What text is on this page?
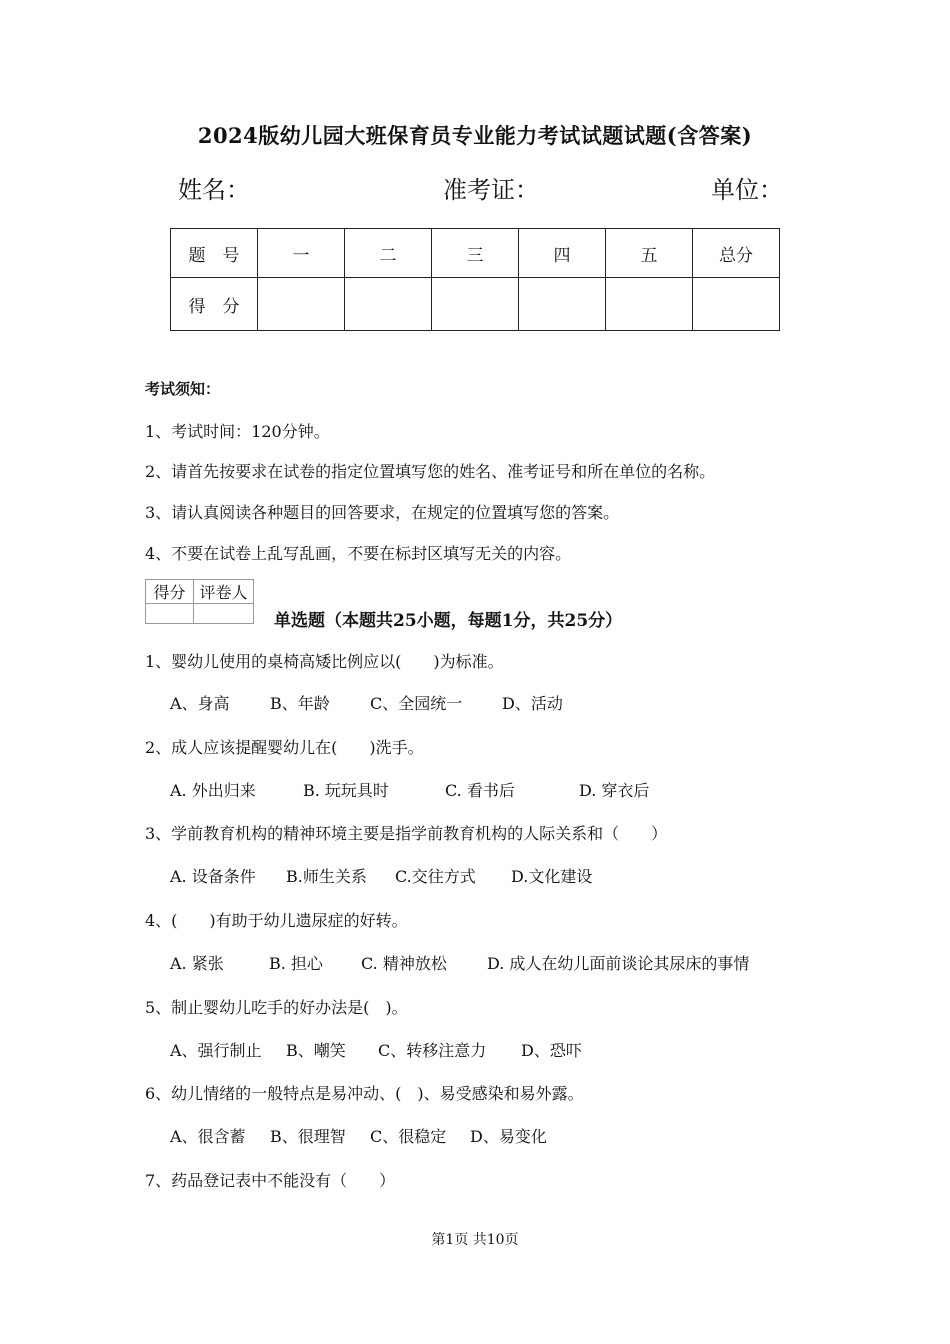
2024版幼儿园大班保育员专业能力考试试题试题(含答案)
姓名：	准考证：	单位：
题　号	一	二	三	四	五	总分
得　分						
考试须知：
1、考试时间：120分钟。
2、请首先按要求在试卷的指定位置填写您的姓名、准考证号和所在单位的名称。
3、请认真阅读各种题目的回答要求，在规定的位置填写您的答案。
4、不要在试卷上乱写乱画，不要在标封区填写无关的内容。
得分	评卷人

单选题（本题共25小题，每题1分，共25分）
1、婴幼儿使用的桌椅高矮比例应以(　　)为标准。
A、身高	B、年龄	C、全园统一 D、活动
2、成人应该提醒婴幼儿在(　　)洗手。
A. 外出归来	B. 玩玩具时	C. 看书后	D. 穿衣后
3、学前教育机构的精神环境主要是指学前教育机构的人际关系和（　　）
A. 设备条件 B.师生关系 C.交往方式 D.文化建设
4、(　　)有助于幼儿遗尿症的好转。
A. 紧张	B. 担心 C. 精神放松	D. 成人在幼儿面前谈论其尿床的事情
5、制止婴幼儿吃手的好办法是(　)。
A、强行制止 B、嘲笑 C、转移注意力 D、恐吓
6、幼儿情绪的一般特点是易冲动、(　)、易受感染和易外露。
A、很含蓄 B、很理智 C、很稳定 D、易变化
7、药品登记表中不能没有（　　）
第1页 共10页
